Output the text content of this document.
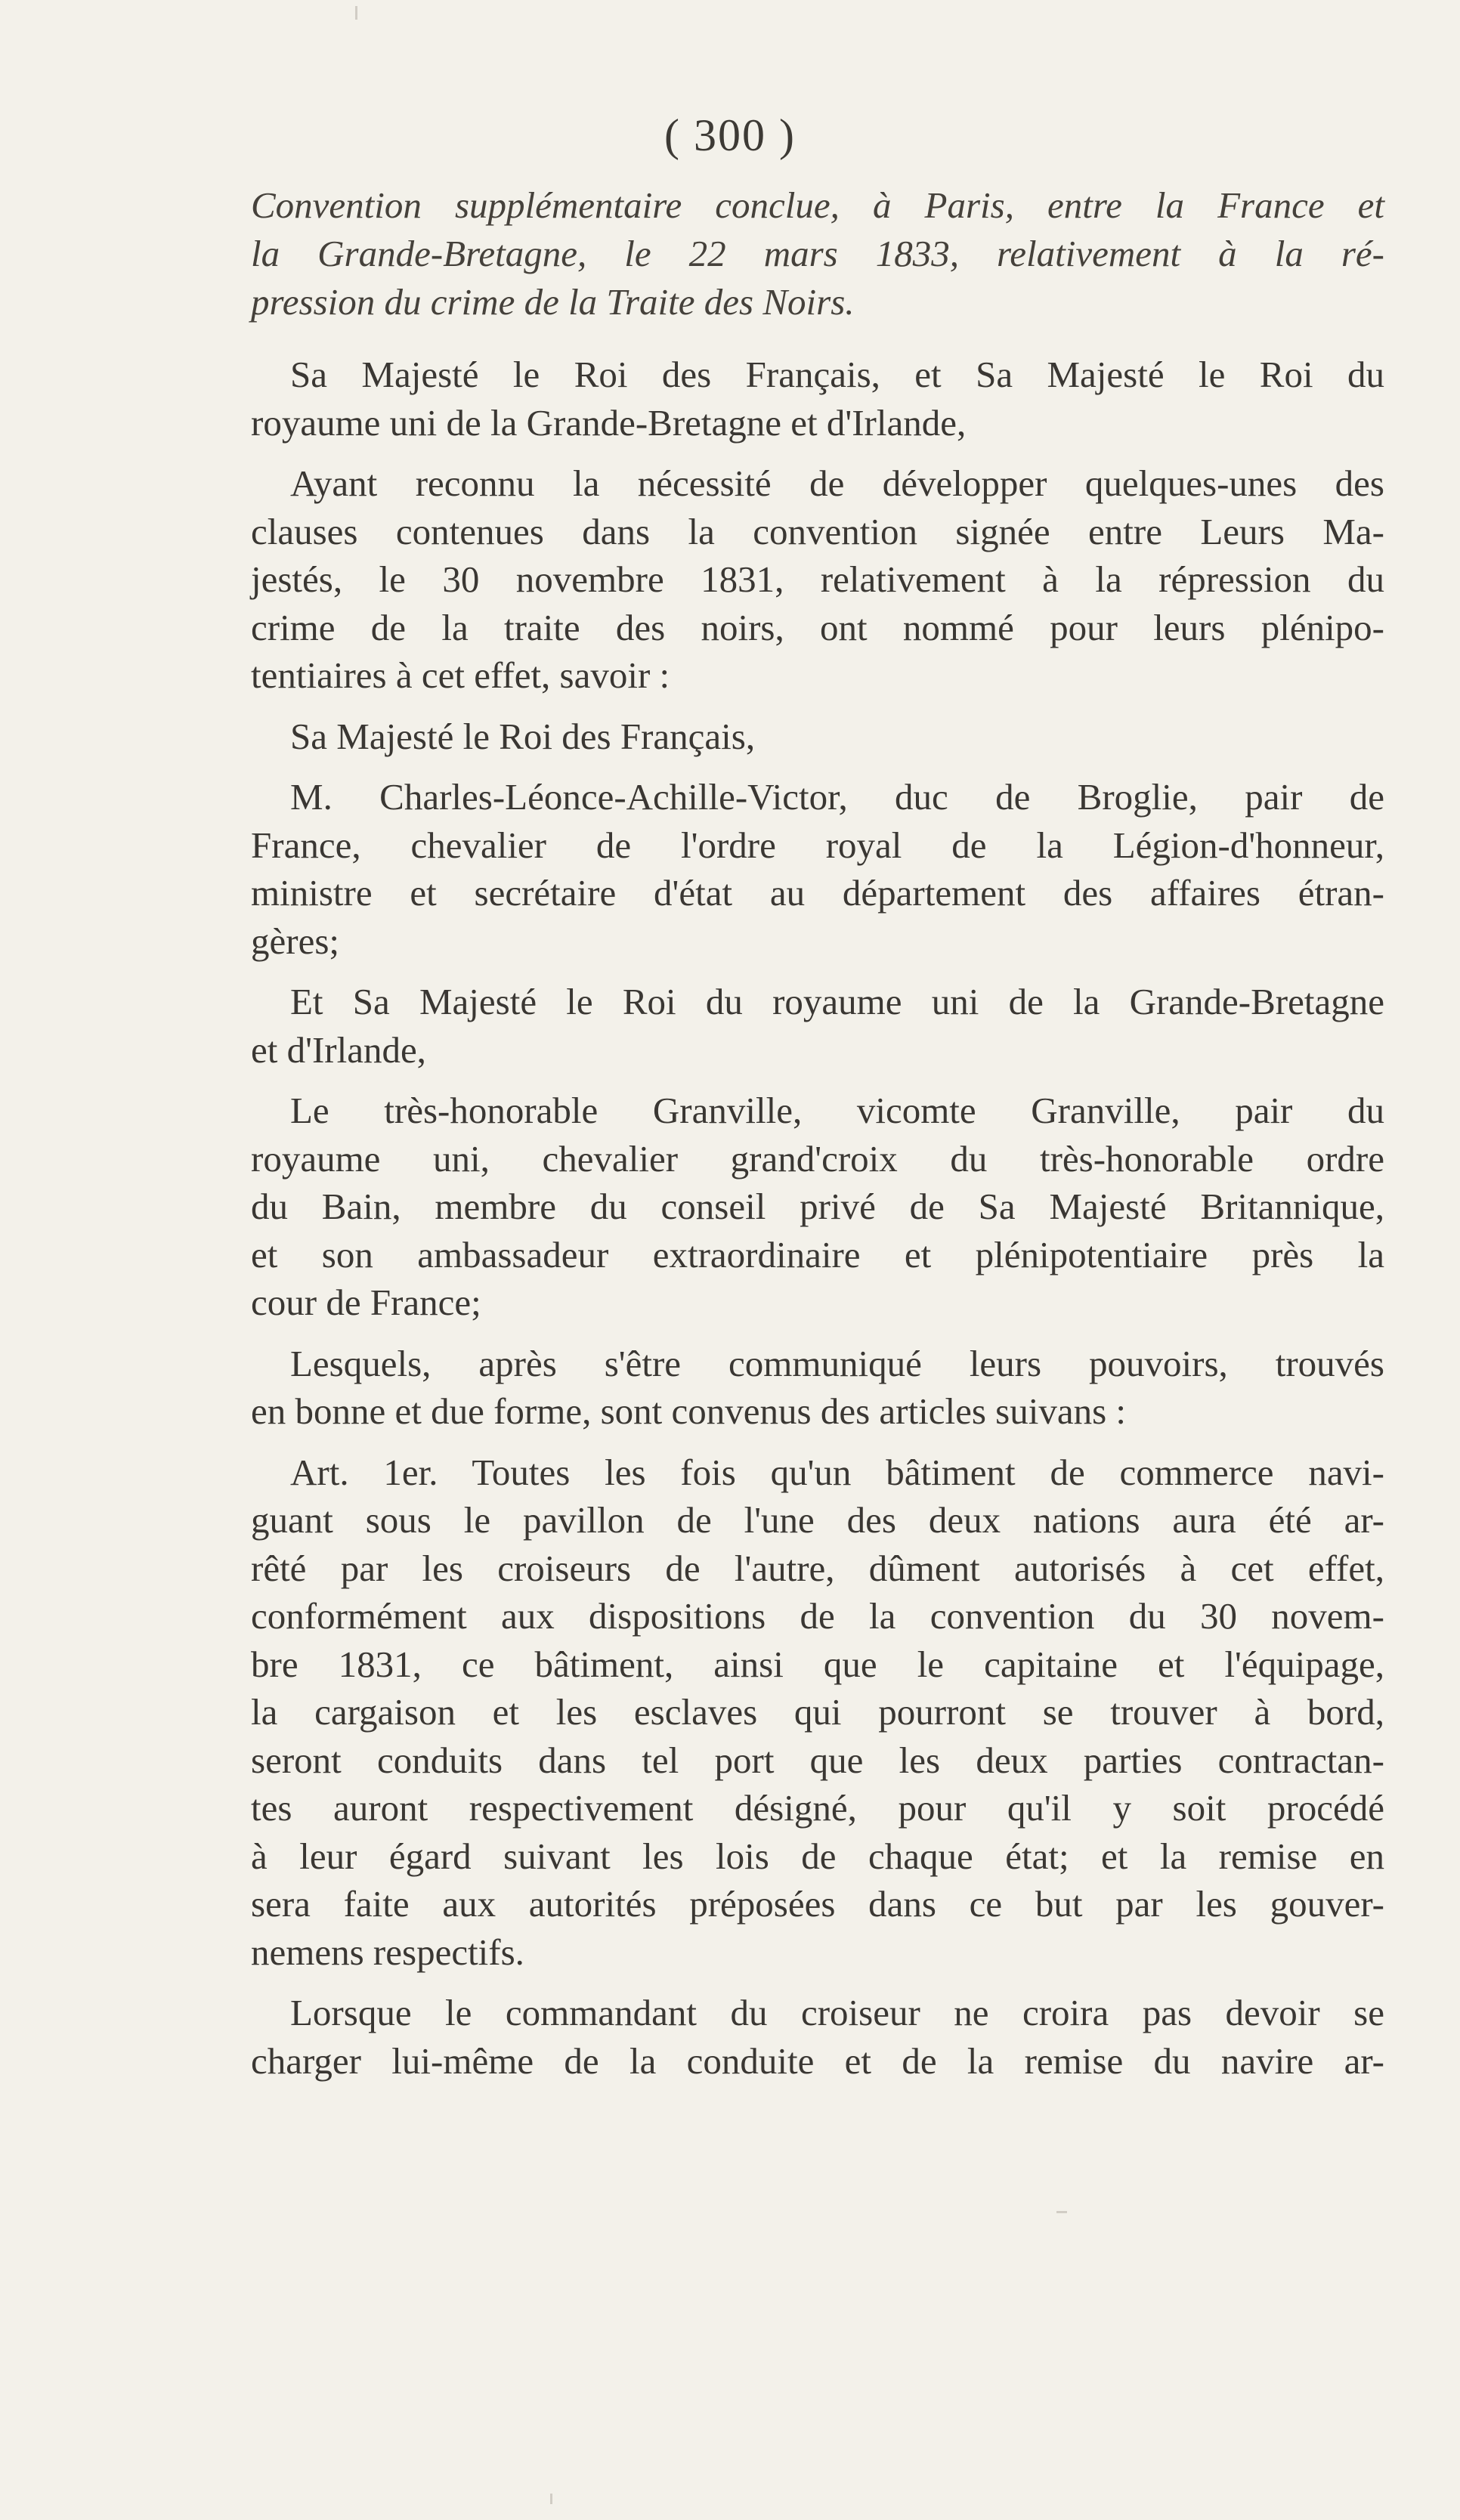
( 300 )
Convention supplémentaire conclue, à Paris, entre la France et
la Grande-Bretagne, le 22 mars 1833, relativement à la ré-
pression du crime de la Traite des Noirs.
Sa Majesté le Roi des Français, et Sa Majesté le Roi du
royaume uni de la Grande-Bretagne et d'Irlande,
Ayant reconnu la nécessité de développer quelques-unes des
clauses contenues dans la convention signée entre Leurs Ma-
jestés, le 30 novembre 1831, relativement à la répression du
crime de la traite des noirs, ont nommé pour leurs plénipo-
tentiaires à cet effet, savoir :
Sa Majesté le Roi des Français,
M. Charles-Léonce-Achille-Victor, duc de Broglie, pair de
France, chevalier de l'ordre royal de la Légion-d'honneur,
ministre et secrétaire d'état au département des affaires étran-
gères;
Et Sa Majesté le Roi du royaume uni de la Grande-Bretagne
et d'Irlande,
Le très-honorable Granville, vicomte Granville, pair du
royaume uni, chevalier grand'croix du très-honorable ordre
du Bain, membre du conseil privé de Sa Majesté Britannique,
et son ambassadeur extraordinaire et plénipotentiaire près la
cour de France;
Lesquels, après s'être communiqué leurs pouvoirs, trouvés
en bonne et due forme, sont convenus des articles suivans :
Art. 1er. Toutes les fois qu'un bâtiment de commerce navi-
guant sous le pavillon de l'une des deux nations aura été ar-
rêté par les croiseurs de l'autre, dûment autorisés à cet effet,
conformément aux dispositions de la convention du 30 novem-
bre 1831, ce bâtiment, ainsi que le capitaine et l'équipage,
la cargaison et les esclaves qui pourront se trouver à bord,
seront conduits dans tel port que les deux parties contractan-
tes auront respectivement désigné, pour qu'il y soit procédé
à leur égard suivant les lois de chaque état; et la remise en
sera faite aux autorités préposées dans ce but par les gouver-
nemens respectifs.
Lorsque le commandant du croiseur ne croira pas devoir se
charger lui-même de la conduite et de la remise du navire ar-
